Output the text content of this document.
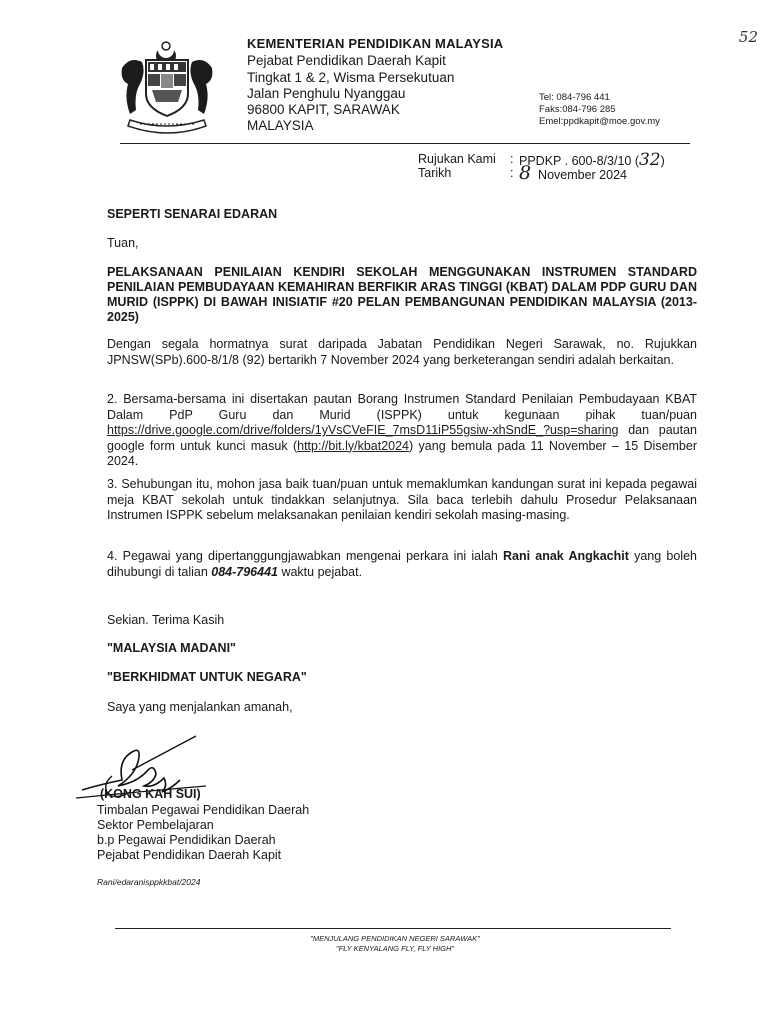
52
KEMENTERIAN PENDIDIKAN MALAYSIA
Pejabat Pendidikan Daerah Kapit
Tingkat 1 & 2, Wisma Persekutuan
Jalan Penghulu Nyanggau
96800 KAPIT, SARAWAK
MALAYSIA
Tel: 084-796 441
Faks:084-796 285
Emel:ppdkapit@moe.gov.my
Rujukan Kami : PPDKP . 600-8/3/10 (32)
Tarikh	: 8 November 2024
SEPERTI SENARAI EDARAN
Tuan,
PELAKSANAAN PENILAIAN KENDIRI SEKOLAH MENGGUNAKAN INSTRUMEN STANDARD PENILAIAN PEMBUDAYAAN KEMAHIRAN BERFIKIR ARAS TINGGI (KBAT) DALAM PDP GURU DAN MURID (ISPPK) DI BAWAH INISIATIF #20 PELAN PEMBANGUNAN PENDIDIKAN MALAYSIA (2013-2025)
Dengan segala hormatnya surat daripada Jabatan Pendidikan Negeri Sarawak, no. Rujukkan JPNSW(SPb).600-8/1/8 (92) bertarikh 7 November 2024 yang berketerangan sendiri adalah berkaitan.
2. Bersama-bersama ini disertakan pautan Borang Instrumen Standard Penilaian Pembudayaan KBAT Dalam PdP Guru dan Murid (ISPPK) untuk kegunaan pihak tuan/puan https://drive.google.com/drive/folders/1yVsCVeFIE_7msD11iP55gsiw-xhSndE_?usp=sharing dan pautan google form untuk kunci masuk (http://bit.ly/kbat2024) yang bemula pada 11 November – 15 Disember 2024.
3. Sehubungan itu, mohon jasa baik tuan/puan untuk memaklumkan kandungan surat ini kepada pegawai meja KBAT sekolah untuk tindakkan selanjutnya. Sila baca terlebih dahulu Prosedur Pelaksanaan Instrumen ISPPK sebelum melaksanakan penilaian kendiri sekolah masing-masing.
4. Pegawai yang dipertanggungjawabkan mengenai perkara ini ialah Rani anak Angkachit yang boleh dihubungi di talian 084-796441 waktu pejabat.
Sekian. Terima Kasih
"MALAYSIA MADANI"
"BERKHIDMAT UNTUK NEGARA"
Saya yang menjalankan amanah,
(KONG KAH SUI)
Timbalan Pegawai Pendidikan Daerah
Sektor Pembelajaran
b.p Pegawai Pendidikan Daerah
Pejabat Pendidikan Daerah Kapit
Rani/edaranisppkkbat/2024
"MENJULANG PENDIDIKAN NEGERI SARAWAK"
"FLY KENYALANG FLY, FLY HIGH"
